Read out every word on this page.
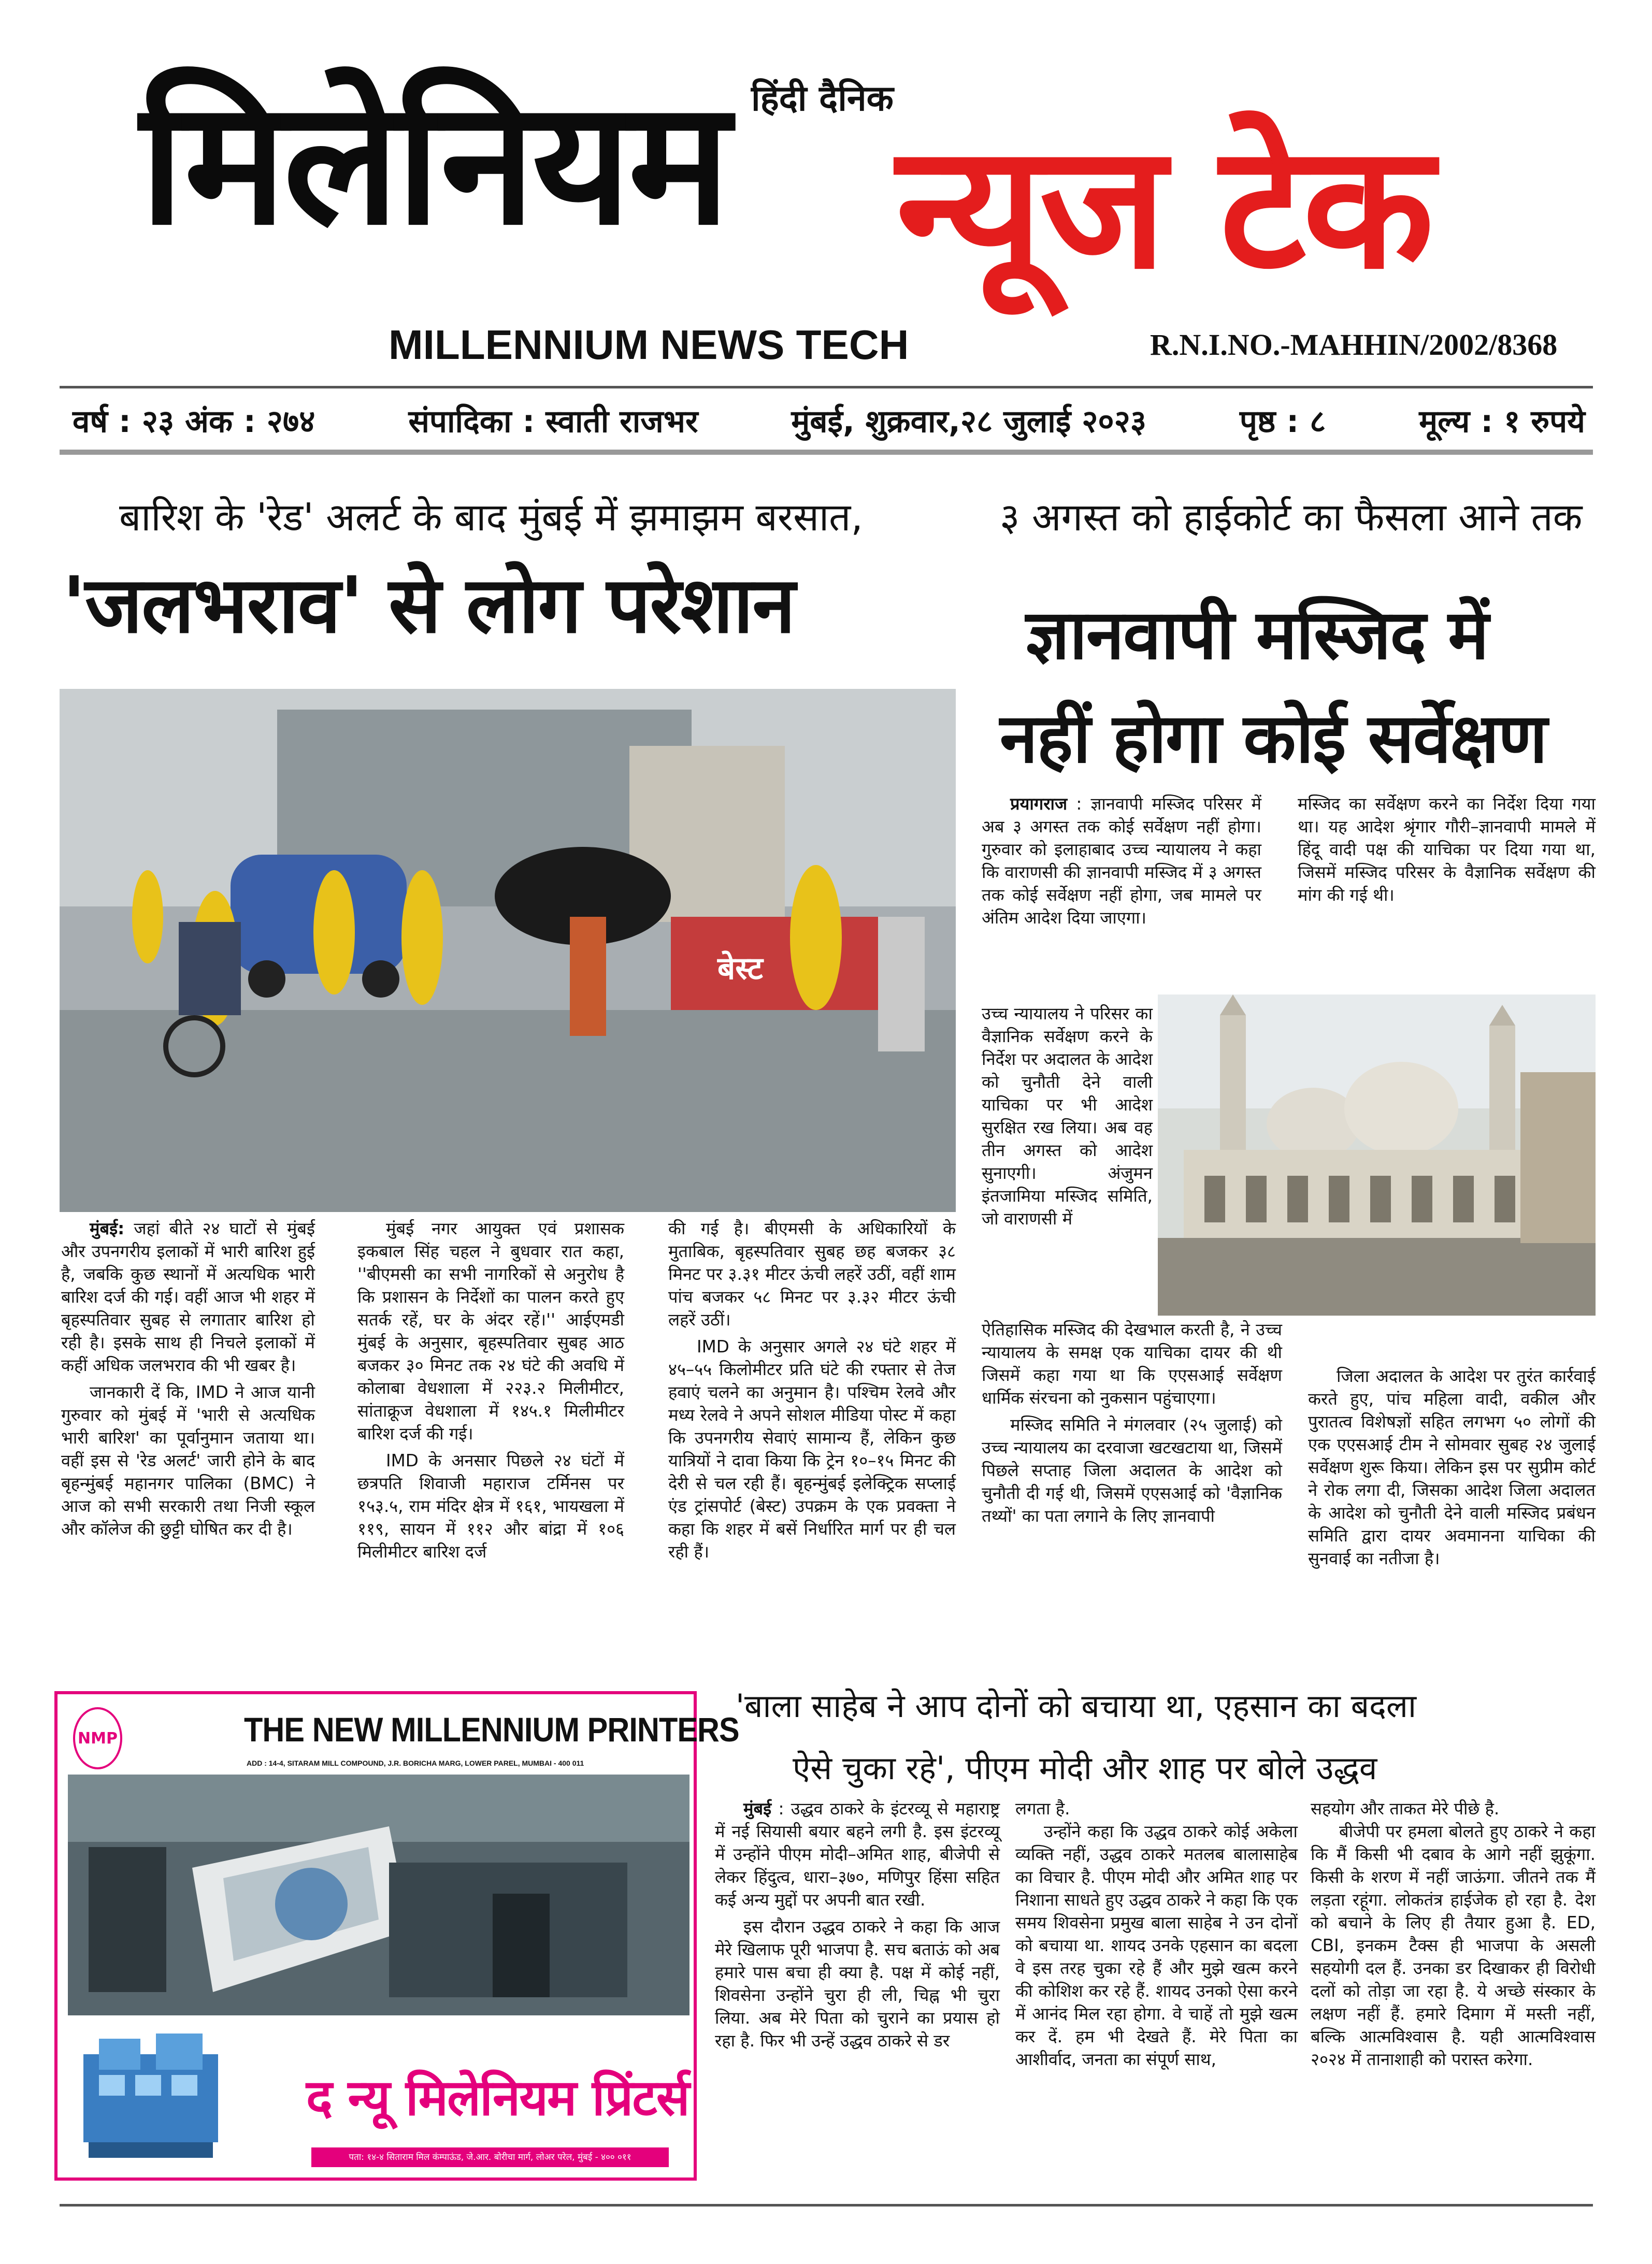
हिंदी दैनिक
मिलेनियम न्यूज टेक
MILLENNIUM NEWS TECH	R.N.I.NO.-MAHHIN/2002/8368
वर्ष : २३ अंक : २७४	संपादिका : स्वाती राजभर	मुंबई, शुक्रवार,२८ जुलाई २०२३	पृष्ठ : ८	मूल्य : १ रुपये
बारिश के 'रेड' अलर्ट के बाद मुंबई में झमाझम बरसात,
'जलभराव' से लोग परेशान
बेस्ट

मुंबई: जहां बीते २४ घाटों से मुंबई और उपनगरीय इलाकों में भारी बारिश हुई है, जबकि कुछ स्थानों में अत्यधिक भारी बारिश दर्ज की गई। वहीं आज भी शहर में बृहस्पतिवार सुबह से लगातार बारिश हो रही है। इसके साथ ही निचले इलाकों में कहीं अधिक जलभराव की भी खबर है।

जानकारी दें कि, IMD ने आज यानी गुरुवार को मुंबई में 'भारी से अत्यधिक भारी बारिश' का पूर्वानुमान जताया था। वहीं इस से 'रेड अलर्ट' जारी होने के बाद बृहन्मुंबई महानगर पालिका (BMC) ने आज को सभी सरकारी तथा निजी स्कूल और कॉलेज की छुट्टी घोषित कर दी है।

मुंबई नगर आयुक्त एवं प्रशासक इकबाल सिंह चहल ने बुधवार रात कहा, ''बीएमसी का सभी नागरिकों से अनुरोध है कि प्रशासन के निर्देशों का पालन करते हुए सतर्क रहें, घर के अंदर रहें।'' आईएमडी मुंबई के अनुसार, बृहस्पतिवार सुबह आठ बजकर ३० मिनट तक २४ घंटे की अवधि में कोलाबा वेधशाला में २२३.२ मिलीमीटर, सांताक्रूज वेधशाला में १४५.१ मिलीमीटर बारिश दर्ज की गई।

IMD के अनसार पिछले २४ घंटों में छत्रपति शिवाजी महाराज टर्मिनस पर १५३.५, राम मंदिर क्षेत्र में १६१, भायखला में ११९, सायन में ११२ और बांद्रा में १०६ मिलीमीटर बारिश दर्ज

की गई है। बीएमसी के अधिकारियों के मुताबिक, बृहस्पतिवार सुबह छह बजकर ३८ मिनट पर ३.३१ मीटर ऊंची लहरें उठीं, वहीं शाम पांच बजकर ५८ मिनट पर ३.३२ मीटर ऊंची लहरें उठीं।

IMD के अनुसार अगले २४ घंटे शहर में ४५–५५ किलोमीटर प्रति घंटे की रफ्तार से तेज हवाएं चलने का अनुमान है। पश्चिम रेलवे और मध्य रेलवे ने अपने सोशल मीडिया पोस्ट में कहा कि उपनगरीय सेवाएं सामान्य हैं, लेकिन कुछ यात्रियों ने दावा किया कि ट्रेन १०–१५ मिनट की देरी से चल रही हैं। बृहन्मुंबई इलेक्ट्रिक सप्लाई एंड ट्रांसपोर्ट (बेस्ट) उपक्रम के एक प्रवक्ता ने कहा कि शहर में बसें निर्धारित मार्ग पर ही चल रही हैं।

३ अगस्त को हाईकोर्ट का फैसला आने तक
ज्ञानवापी मस्जिद में
नहीं होगा कोई सर्वेक्षण

प्रयागराज : ज्ञानवापी मस्जिद परिसर में अब ३ अगस्त तक कोई सर्वेक्षण नहीं होगा। गुरुवार को इलाहाबाद उच्च न्यायालय ने कहा कि वाराणसी की ज्ञानवापी मस्जिद में ३ अगस्त तक कोई सर्वेक्षण नहीं होगा, जब मामले पर अंतिम आदेश दिया जाएगा।

उच्च न्यायालय ने परिसर का वैज्ञानिक सर्वेक्षण करने के निर्देश पर अदालत के आदेश को चुनौती देने वाली याचिका पर भी आदेश सुरक्षित रख लिया। अब वह तीन अगस्त को आदेश सुनाएगी। अंजुमन इंतजामिया मस्जिद समिति, जो वाराणसी में

ऐतिहासिक मस्जिद की देखभाल करती है, ने उच्च न्यायालय के समक्ष एक याचिका दायर की थी जिसमें कहा गया था कि एएसआई सर्वेक्षण धार्मिक संरचना को नुकसान पहुंचाएगा।

मस्जिद समिति ने मंगलवार (२५ जुलाई) को उच्च न्यायालय का दरवाजा खटखटाया था, जिसमें पिछले सप्ताह जिला अदालत के आदेश को चुनौती दी गई थी, जिसमें एएसआई को 'वैज्ञानिक तथ्यों' का पता लगाने के लिए ज्ञानवापी

मस्जिद का सर्वेक्षण करने का निर्देश दिया गया था। यह आदेश श्रृंगार गौरी–ज्ञानवापी मामले में हिंदू वादी पक्ष की याचिका पर दिया गया था, जिसमें मस्जिद परिसर के वैज्ञानिक सर्वेक्षण की मांग की गई थी।

जिला अदालत के आदेश पर तुरंत कार्रवाई करते हुए, पांच महिला वादी, वकील और पुरातत्व विशेषज्ञों सहित लगभग ५० लोगों की एक एएसआई टीम ने सोमवार सुबह २४ जुलाई सर्वेक्षण शुरू किया। लेकिन इस पर सुप्रीम कोर्ट ने रोक लगा दी, जिसका आदेश जिला अदालत के आदेश को चुनौती देने वाली मस्जिद प्रबंधन समिति द्वारा दायर अवमानना याचिका की सुनवाई का नतीजा है।

NMP	THE NEW MILLENNIUM PRINTERS
ADD : 14-4, SITARAM MILL COMPOUND, J.R. BORICHA MARG, LOWER PAREL, MUMBAI - 400 011
द न्यू मिलेनियम प्रिंटर्स
पता: १४-४ सिताराम मिल कंम्पाऊंड, जे.आर. बोरीचा मार्ग, लोअर परेल, मुंबई - ४०० ०११
'बाला साहेब ने आप दोनों को बचाया था, एहसान का बदला
ऐसे चुका रहे', पीएम मोदी और शाह पर बोले उद्धव

मुंबई : उद्धव ठाकरे के इंटरव्यू से महाराष्ट्र में नई सियासी बयार बहने लगी है. इस इंटरव्यू में उन्होंने पीएम मोदी–अमित शाह, बीजेपी से लेकर हिंदुत्व, धारा–३७०, मणिपुर हिंसा सहित कई अन्य मुद्दों पर अपनी बात रखी.

इस दौरान उद्धव ठाकरे ने कहा कि आज मेरे खिलाफ पूरी भाजपा है. सच बताऊं को अब हमारे पास बचा ही क्या है. पक्ष में कोई नहीं, शिवसेना उन्होंने चुरा ही ली, चिह्न भी चुरा लिया. अब मेरे पिता को चुराने का प्रयास हो रहा है. फिर भी उन्हें उद्धव ठाकरे से डर

लगता है.

उन्होंने कहा कि उद्धव ठाकरे कोई अकेला व्यक्ति नहीं, उद्धव ठाकरे मतलब बालासाहेब का विचार है. पीएम मोदी और अमित शाह पर निशाना साधते हुए उद्धव ठाकरे ने कहा कि एक समय शिवसेना प्रमुख बाला साहेब ने उन दोनों को बचाया था. शायद उनके एहसान का बदला वे इस तरह चुका रहे हैं और मुझे खत्म करने की कोशिश कर रहे हैं. शायद उनको ऐसा करने में आनंद मिल रहा होगा. वे चाहें तो मुझे खत्म कर दें. हम भी देखते हैं. मेरे पिता का आशीर्वाद, जनता का संपूर्ण साथ,

सहयोग और ताकत मेरे पीछे है.

बीजेपी पर हमला बोलते हुए ठाकरे ने कहा कि मैं किसी भी दबाव के आगे नहीं झुकूंगा. किसी के शरण में नहीं जाऊंगा. जीतने तक मैं लड़ता रहूंगा. लोकतंत्र हाईजेक हो रहा है. देश को बचाने के लिए ही तैयार हुआ है. ED, CBI, इनकम टैक्स ही भाजपा के असली सहयोगी दल हैं. उनका डर दिखाकर ही विरोधी दलों को तोड़ा जा रहा है. ये अच्छे संस्कार के लक्षण नहीं हैं. हमारे दिमाग में मस्ती नहीं, बल्कि आत्मविश्वास है. यही आत्मविश्वास २०२४ में तानाशाही को परास्त करेगा.
